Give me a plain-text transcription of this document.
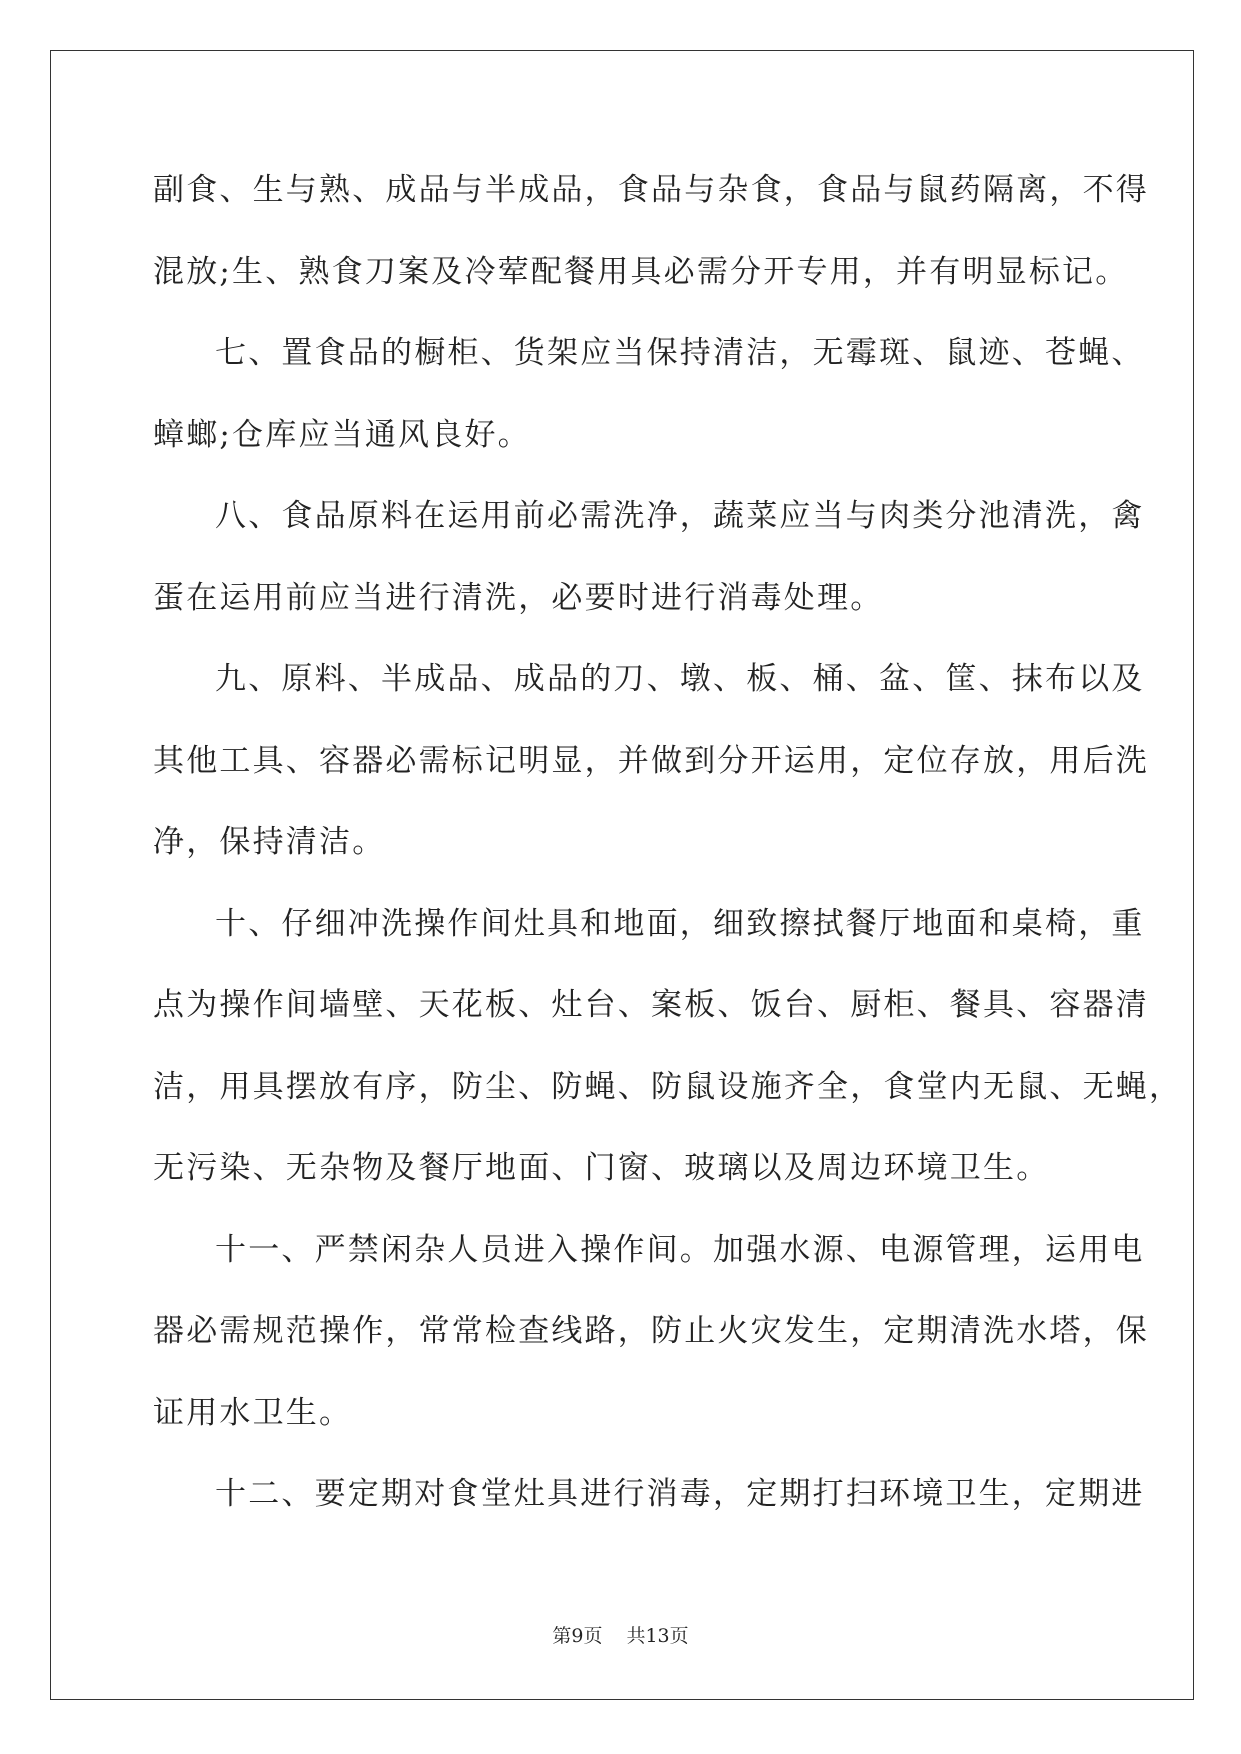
副食、生与熟、成品与半成品，食品与杂食，食品与鼠药隔离，不得
混放;生、熟食刀案及冷荤配餐用具必需分开专用，并有明显标记。
七、置食品的橱柜、货架应当保持清洁，无霉斑、鼠迹、苍蝇、
蟑螂;仓库应当通风良好。
八、食品原料在运用前必需洗净，蔬菜应当与肉类分池清洗，禽
蛋在运用前应当进行清洗，必要时进行消毒处理。
九、原料、半成品、成品的刀、墩、板、桶、盆、筐、抹布以及
其他工具、容器必需标记明显，并做到分开运用，定位存放，用后洗
净，保持清洁。
十、仔细冲洗操作间灶具和地面，细致擦拭餐厅地面和桌椅，重
点为操作间墙壁、天花板、灶台、案板、饭台、厨柜、餐具、容器清
洁，用具摆放有序，防尘、防蝇、防鼠设施齐全，食堂内无鼠、无蝇，
无污染、无杂物及餐厅地面、门窗、玻璃以及周边环境卫生。
十一、严禁闲杂人员进入操作间。加强水源、电源管理，运用电
器必需规范操作，常常检查线路，防止火灾发生，定期清洗水塔，保
证用水卫生。
十二、要定期对食堂灶具进行消毒，定期打扫环境卫生，定期进
第9页 共13页
